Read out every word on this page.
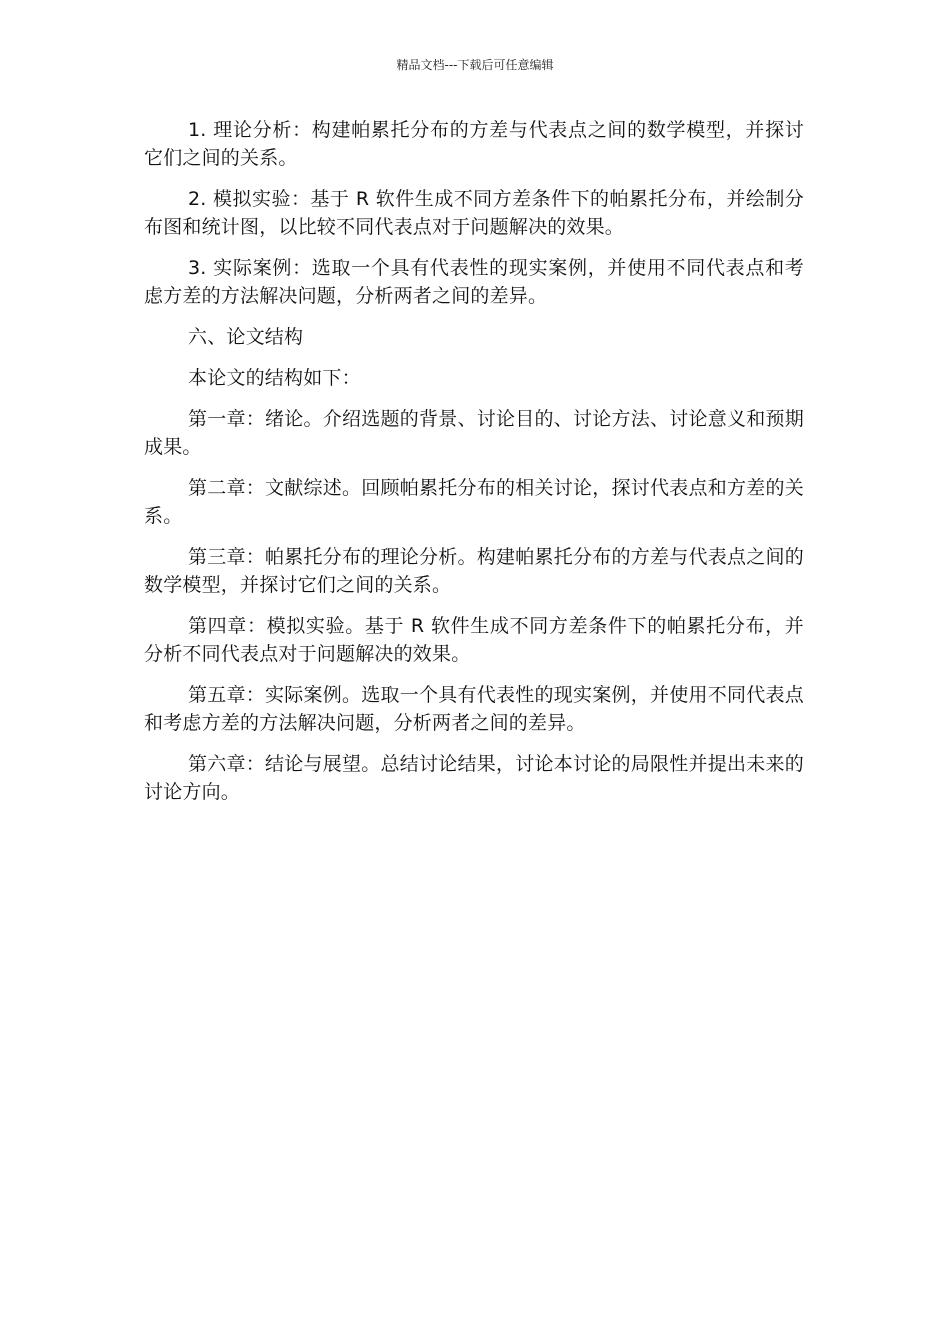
精品文档---下载后可任意编辑

1. 理论分析：构建帕累托分布的方差与代表点之间的数学模型，并探讨它们之间的关系。

2. 模拟实验：基于 R 软件生成不同方差条件下的帕累托分布，并绘制分布图和统计图，以比较不同代表点对于问题解决的效果。

3. 实际案例：选取一个具有代表性的现实案例，并使用不同代表点和考虑方差的方法解决问题，分析两者之间的差异。

六、论文结构

本论文的结构如下：

第一章：绪论。介绍选题的背景、讨论目的、讨论方法、讨论意义和预期成果。

第二章：文献综述。回顾帕累托分布的相关讨论，探讨代表点和方差的关系。

第三章：帕累托分布的理论分析。构建帕累托分布的方差与代表点之间的数学模型，并探讨它们之间的关系。

第四章：模拟实验。基于 R 软件生成不同方差条件下的帕累托分布，并分析不同代表点对于问题解决的效果。

第五章：实际案例。选取一个具有代表性的现实案例，并使用不同代表点和考虑方差的方法解决问题，分析两者之间的差异。

第六章：结论与展望。总结讨论结果，讨论本讨论的局限性并提出未来的讨论方向。
